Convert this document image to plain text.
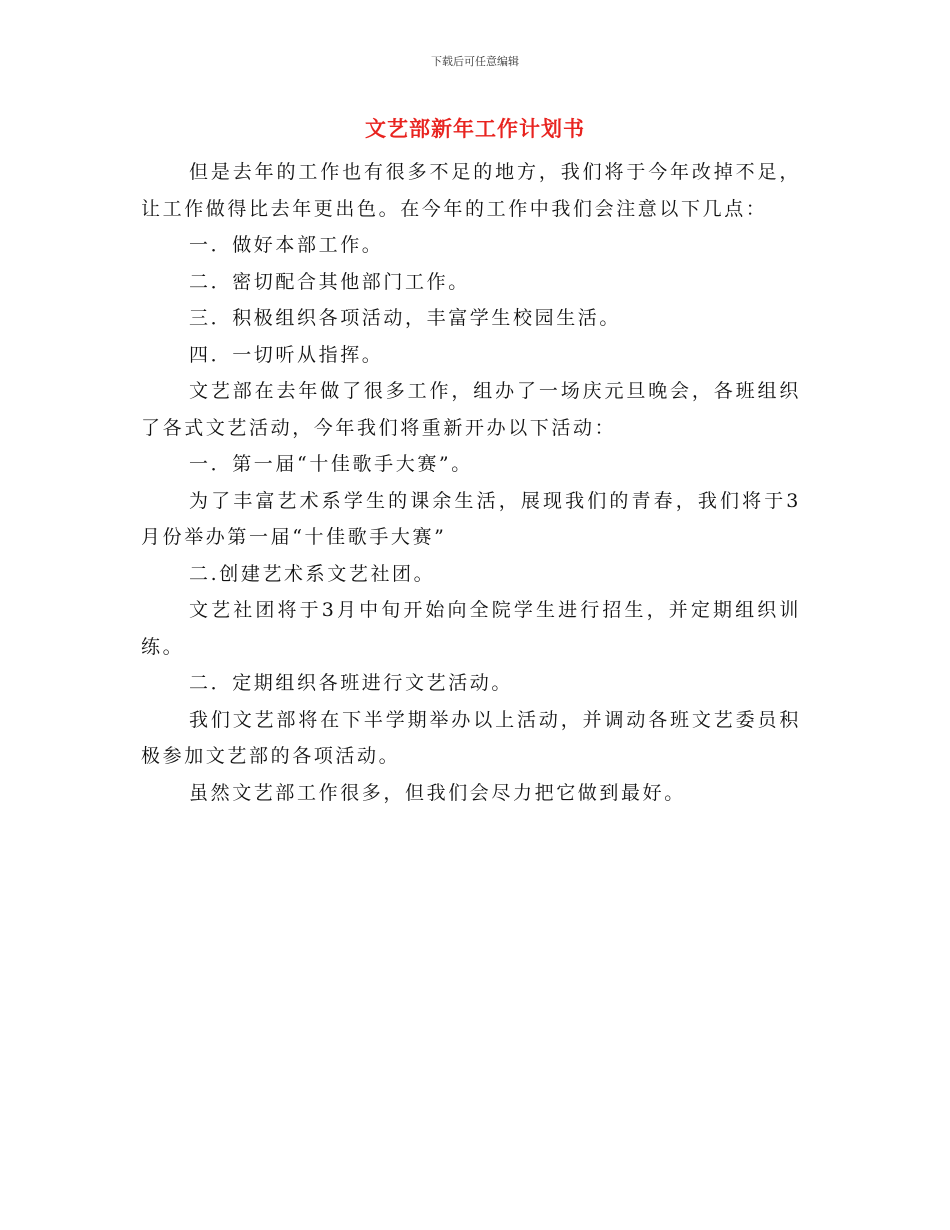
下载后可任意编辑
文艺部新年工作计划书

但是去年的工作也有很多不足的地方，我们将于今年改掉不足，让工作做得比去年更出色。在今年的工作中我们会注意以下几点：

一．做好本部工作。

二．密切配合其他部门工作。

三．积极组织各项活动，丰富学生校园生活。

四．一切听从指挥。

文艺部在去年做了很多工作，组办了一场庆元旦晚会，各班组织了各式文艺活动，今年我们将重新开办以下活动：

一．第一届“十佳歌手大赛”。

为了丰富艺术系学生的课余生活，展现我们的青春，我们将于3月份举办第一届“十佳歌手大赛”

二.创建艺术系文艺社团。

文艺社团将于3月中旬开始向全院学生进行招生，并定期组织训练。

二．定期组织各班进行文艺活动。

我们文艺部将在下半学期举办以上活动，并调动各班文艺委员积极参加文艺部的各项活动。

虽然文艺部工作很多，但我们会尽力把它做到最好。
